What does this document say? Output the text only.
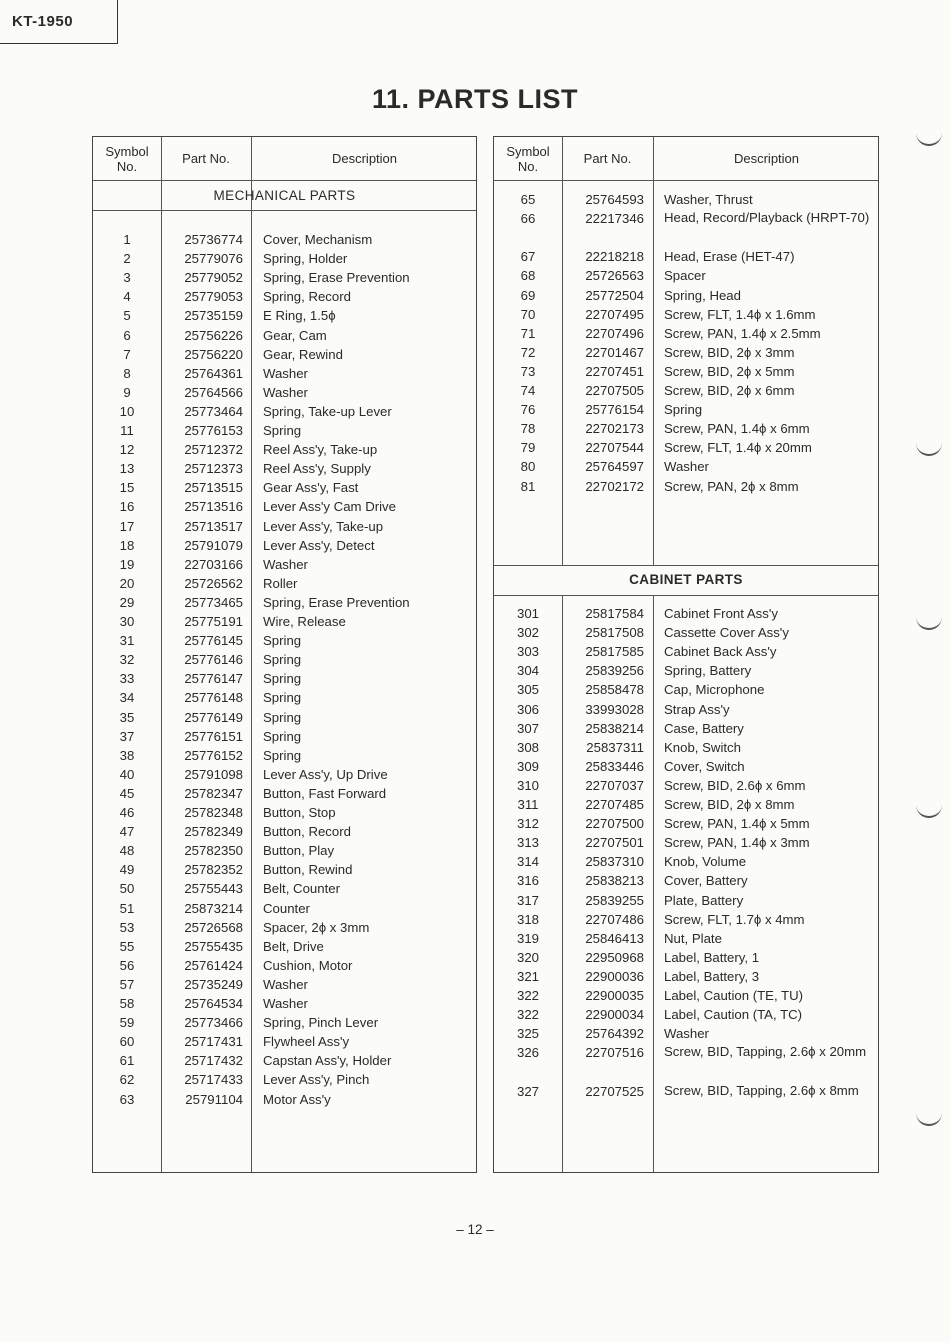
KT-1950
11. PARTS LIST
Symbol
No.	Part No.	Description
MECHANICAL PARTS
1	25736774 Cover, Mechanism
2	25779076 Spring, Holder
3	25779052 Spring, Erase Prevention
4	25779053 Spring, Record
5	25735159 E Ring, 1.5ϕ
6	25756226 Gear, Cam
7	25756220 Gear, Rewind
8	25764361 Washer
9	25764566 Washer
10	25773464 Spring, Take-up Lever
11	25776153 Spring
12	25712372 Reel Ass'y, Take-up
13	25712373 Reel Ass'y, Supply
15	25713515 Gear Ass'y, Fast
16	25713516 Lever Ass'y Cam Drive
17	25713517 Lever Ass'y, Take-up
18	25791079 Lever Ass'y, Detect
19	22703166 Washer
20	25726562 Roller
29	25773465 Spring, Erase Prevention
30	25775191 Wire, Release
31	25776145 Spring
32	25776146 Spring
33	25776147 Spring
34	25776148 Spring
35	25776149 Spring
37	25776151 Spring
38	25776152 Spring
40	25791098 Lever Ass'y, Up Drive
45	25782347 Button, Fast Forward
46	25782348 Button, Stop
47	25782349 Button, Record
48	25782350 Button, Play
49	25782352 Button, Rewind
50	25755443 Belt, Counter
51	25873214 Counter
53	25726568 Spacer, 2ϕ x 3mm
55	25755435 Belt, Drive
56	25761424 Cushion, Motor
57	25735249 Washer
58	25764534 Washer
59	25773466 Spring, Pinch Lever
60	25717431 Flywheel Ass'y
61	25717432 Capstan Ass'y, Holder
62	25717433 Lever Ass'y, Pinch
63	25791104 Motor Ass'y
Symbol
No.	Part No.	Description
CABINET PARTS
65	25764593 Washer, Thrust
66	22217346 Head, Record/Playback (HRPT-70)
67	22218218 Head, Erase (HET-47)
68	25726563 Spacer
69	25772504 Spring, Head
70	22707495 Screw, FLT, 1.4ϕ x 1.6mm
71	22707496 Screw, PAN, 1.4ϕ x 2.5mm
72	22701467 Screw, BID, 2ϕ x 3mm
73	22707451 Screw, BID, 2ϕ x 5mm
74	22707505 Screw, BID, 2ϕ x 6mm
76	25776154 Spring
78	22702173 Screw, PAN, 1.4ϕ x 6mm
79	22707544 Screw, FLT, 1.4ϕ x 20mm
80	25764597 Washer
81	22702172 Screw, PAN, 2ϕ x 8mm
301	25817584 Cabinet Front Ass'y
302	25817508 Cassette Cover Ass'y
303	25817585 Cabinet Back Ass'y
304	25839256 Spring, Battery
305	25858478 Cap, Microphone
306	33993028 Strap Ass'y
307	25838214 Case, Battery
308	25837311 Knob, Switch
309	25833446 Cover, Switch
310	22707037 Screw, BID, 2.6ϕ x 6mm
311	22707485 Screw, BID, 2ϕ x 8mm
312	22707500 Screw, PAN, 1.4ϕ x 5mm
313	22707501 Screw, PAN, 1.4ϕ x 3mm
314	25837310 Knob, Volume
316	25838213 Cover, Battery
317	25839255 Plate, Battery
318	22707486 Screw, FLT, 1.7ϕ x 4mm
319	25846413 Nut, Plate
320	22950968 Label, Battery, 1
321	22900036 Label, Battery, 3
322	22900035 Label, Caution (TE, TU)
322	22900034 Label, Caution (TA, TC)
325	25764392 Washer
326	22707516 Screw, BID, Tapping, 2.6ϕ x 20mm
327	22707525 Screw, BID, Tapping, 2.6ϕ x 8mm
– 12 –
